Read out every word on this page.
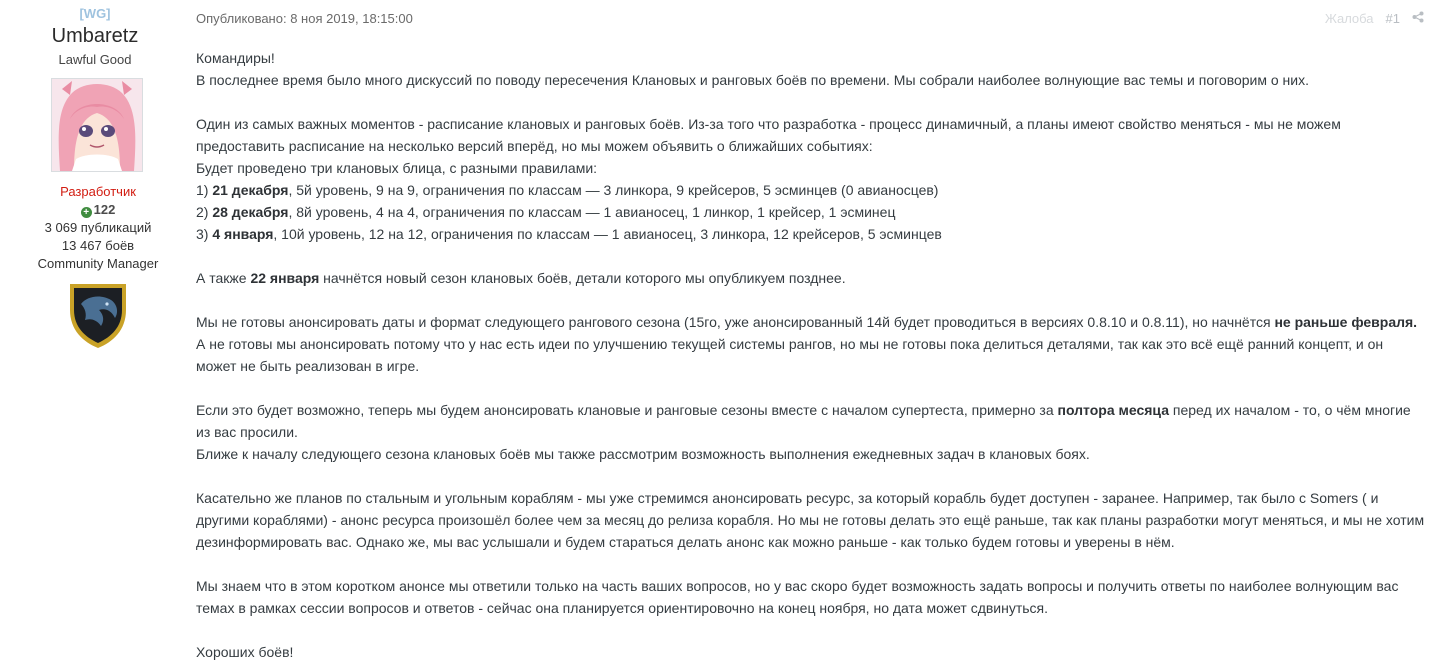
[WG]
Umbaretz
Lawful Good
Разработчик
+ 122
3 069 публикаций
13 467 боёв
Community Manager
Опубликовано: 8 ноя 2019, 18:15:00	Жалоба #1

Командиры!

В последнее время было много дискуссий по поводу пересечения Клановых и ранговых боёв по времени. Мы собрали наиболее волнующие вас темы и поговорим о них.

Один из самых важных моментов - расписание клановых и ранговых боёв. Из-за того что разработка - процесс динамичный, а планы имеют свойство меняться - мы не можем предоставить расписание на несколько версий вперёд, но мы можем объявить о ближайших событиях:

Будет проведено три клановых блица, с разными правилами:

1) 21 декабря, 5й уровень, 9 на 9, ограничения по классам — 3 линкора, 9 крейсеров, 5 эсминцев (0 авианосцев)

2) 28 декабря, 8й уровень, 4 на 4, ограничения по классам — 1 авианосец, 1 линкор, 1 крейсер, 1 эсминец

3) 4 января, 10й уровень, 12 на 12, ограничения по классам — 1 авианосец, 3 линкора, 12 крейсеров, 5 эсминцев

А также 22 января начнётся новый сезон клановых боёв, детали которого мы опубликуем позднее.

Мы не готовы анонсировать даты и формат следующего рангового сезона (15го, уже анонсированный 14й будет проводиться в версиях 0.8.10 и 0.8.11), но начнётся не раньше февраля. А не готовы мы анонсировать потому что у нас есть идеи по улучшению текущей системы рангов, но мы не готовы пока делиться деталями, так как это всё ещё ранний концепт, и он может не быть реализован в игре.

Если это будет возможно, теперь мы будем анонсировать клановые и ранговые сезоны вместе с началом супертеста, примерно за полтора месяца перед их началом - то, о чём многие из вас просили.

Ближе к началу следующего сезона клановых боёв мы также рассмотрим возможность выполнения ежедневных задач в клановых боях.

Касательно же планов по стальным и угольным кораблям - мы уже стремимся анонсировать ресурс, за который корабль будет доступен - заранее. Например, так было с Somers ( и другими кораблями) - анонс ресурса произошёл более чем за месяц до релиза корабля. Но мы не готовы делать это ещё раньше, так как планы разработки могут меняться, и мы не хотим дезинформировать вас. Однако же, мы вас услышали и будем стараться делать анонс как можно раньше - как только будем готовы и уверены в нём.

Мы знаем что в этом коротком анонсе мы ответили только на часть ваших вопросов, но у вас скоро будет возможность задать вопросы и получить ответы по наиболее волнующим вас темах в рамках сессии вопросов и ответов - сейчас она планируется ориентировочно на конец ноября, но дата может сдвинуться.

Хороших боёв!
